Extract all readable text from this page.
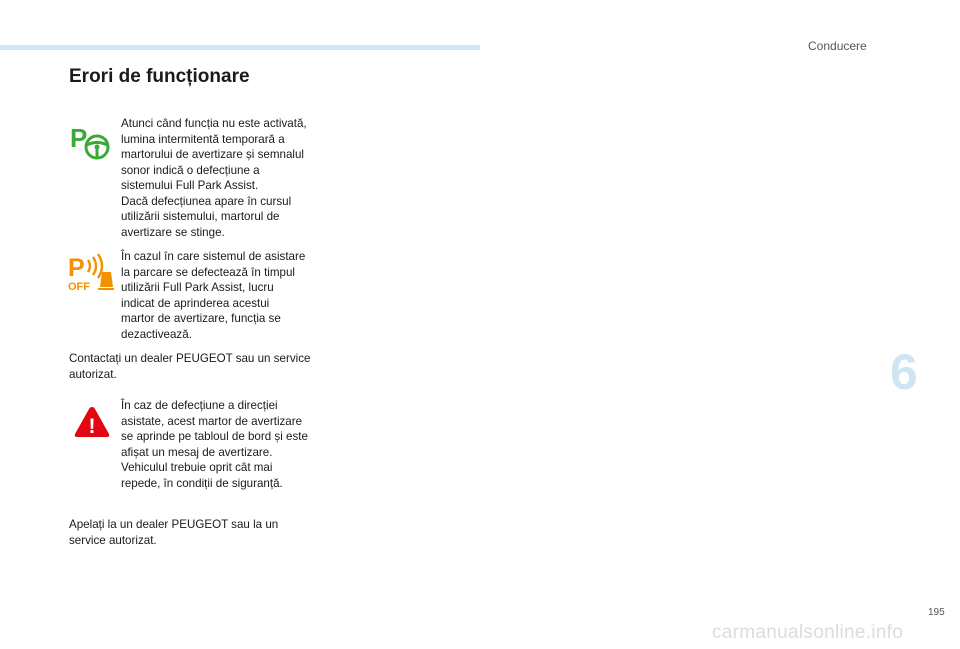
Conducere
Erori de funcționare
P	Atunci când funcția nu este activată,
lumina intermitentă temporară a
martorului de avertizare și semnalul
sonor indică o defecțiune a
sistemului Full Park Assist.
Dacă defecțiunea apare în cursul
utilizării sistemului, martorul de
avertizare se stinge.
P
OFF
În cazul în care sistemul de asistare
la parcare se defectează în timpul
utilizării Full Park Assist, lucru
indicat de aprinderea acestui
martor de avertizare, funcția se
dezactivează.
Contactați un dealer PEUGEOT sau un service
autorizat.
!
În caz de defecțiune a direcției
asistate, acest martor de avertizare
se aprinde pe tabloul de bord și este
afișat un mesaj de avertizare.
Vehiculul trebuie oprit cât mai
repede, în condiții de siguranță.
Apelați la un dealer PEUGEOT sau la un
service autorizat.
6
195
carmanualsonline.info
